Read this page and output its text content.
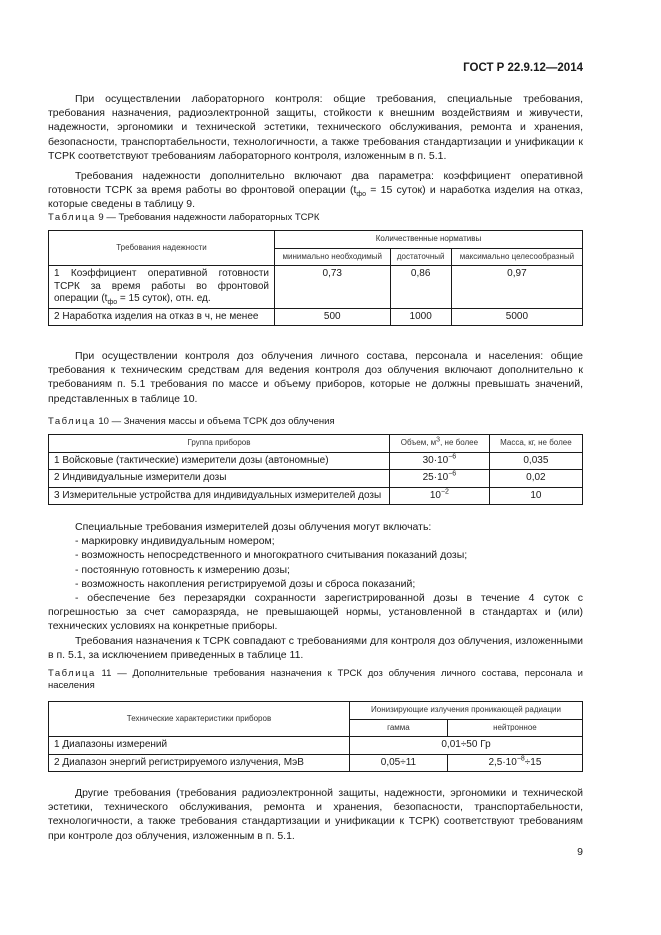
ГОСТ Р 22.9.12—2014

При осуществлении лабораторного контроля: общие требования, специальные требования, требования назначения, радиоэлектронной защиты, стойкости к внешним воздействиям и живучести, надежности, эргономики и технической эстетики, технического обслуживания, ремонта и хранения, безопасности, транспортабельности, технологичности, а также требования стандартизации и унификации к ТСРК соответствуют требованиям лабораторного контроля, изложенным в п. 5.1.

Требования надежности дополнительно включают два параметра: коэффициент оперативной готовности ТСРК за время работы во фронтовой операции ($t_{фо} = 15$ суток) и наработка изделия на отказ, которые сведены в таблицу 9.

Таблица 9 — Требования надежности лабораторных ТСРК

Требования надежности	Количественные нормативы		
	минимально необходимый	достаточный	максимально целесообразный
1 Коэффициент оперативной готовности ТСРК за время работы во фронтовой операции ($t_{фо} = 15$ суток), отн. ед.	0,73	0,86	0,97
2 Наработка изделия на отказ в ч, не менее	500	1000	5000

При осуществлении контроля доз облучения личного состава, персонала и населения: общие требования к техническим средствам для ведения контроля доз облучения включают дополнительно к требованиям п. 5.1 требования по массе и объему приборов, которые не должны превышать значений, представленных в таблице 10.

Таблица 10 — Значения массы и объема ТСРК доз облучения

Группа приборов	Объем, $м^3$, не более	Масса, кг, не более
1 Войсковые (тактические) измерители дозы (автономные)	$30\cdot 10^{-6}$	0,035
2 Индивидуальные измерители дозы	$25\cdot 10^{-6}$	0,02
3 Измерительные устройства для индивидуальных измерителей дозы	$10^{-2}$	10

Специальные требования измерителей дозы облучения могут включать:

- маркировку индивидуальным номером;

- возможность непосредственного и многократного считывания показаний дозы;

- постоянную готовность к измерению дозы;

- возможность накопления регистрируемой дозы и сброса показаний;

- обеспечение без перезарядки сохранности зарегистрированной дозы в течение 4 суток с погрешностью за счет саморазряда, не превышающей нормы, установленной в стандартах и (или) технических условиях на конкретные приборы.

Требования назначения к ТСРК совпадают с требованиями для контроля доз облучения, изложенными в п. 5.1, за исключением приведенных в таблице 11.

Таблица 11 — Дополнительные требования назначения к ТРСК доз облучения личного состава, персонала и населения

Технические характеристики приборов	Ионизирующие излучения проникающей радиации	
	гамма	нейтронное
1 Диапазоны измерений	0,01÷50 Гр	
2 Диапазон энергий регистрируемого излучения, МэВ	0,05÷11	$2,5\cdot 10^{-8}\div 15$

Другие требования (требования радиоэлектронной защиты, надежности, эргономики и технической эстетики, технического обслуживания, ремонта и хранения, безопасности, транспортабельности, технологичности, а также требования стандартизации и унификации к ТСРК) соответствуют требованиям при контроле доз облучения, изложенным в п. 5.1.

9
